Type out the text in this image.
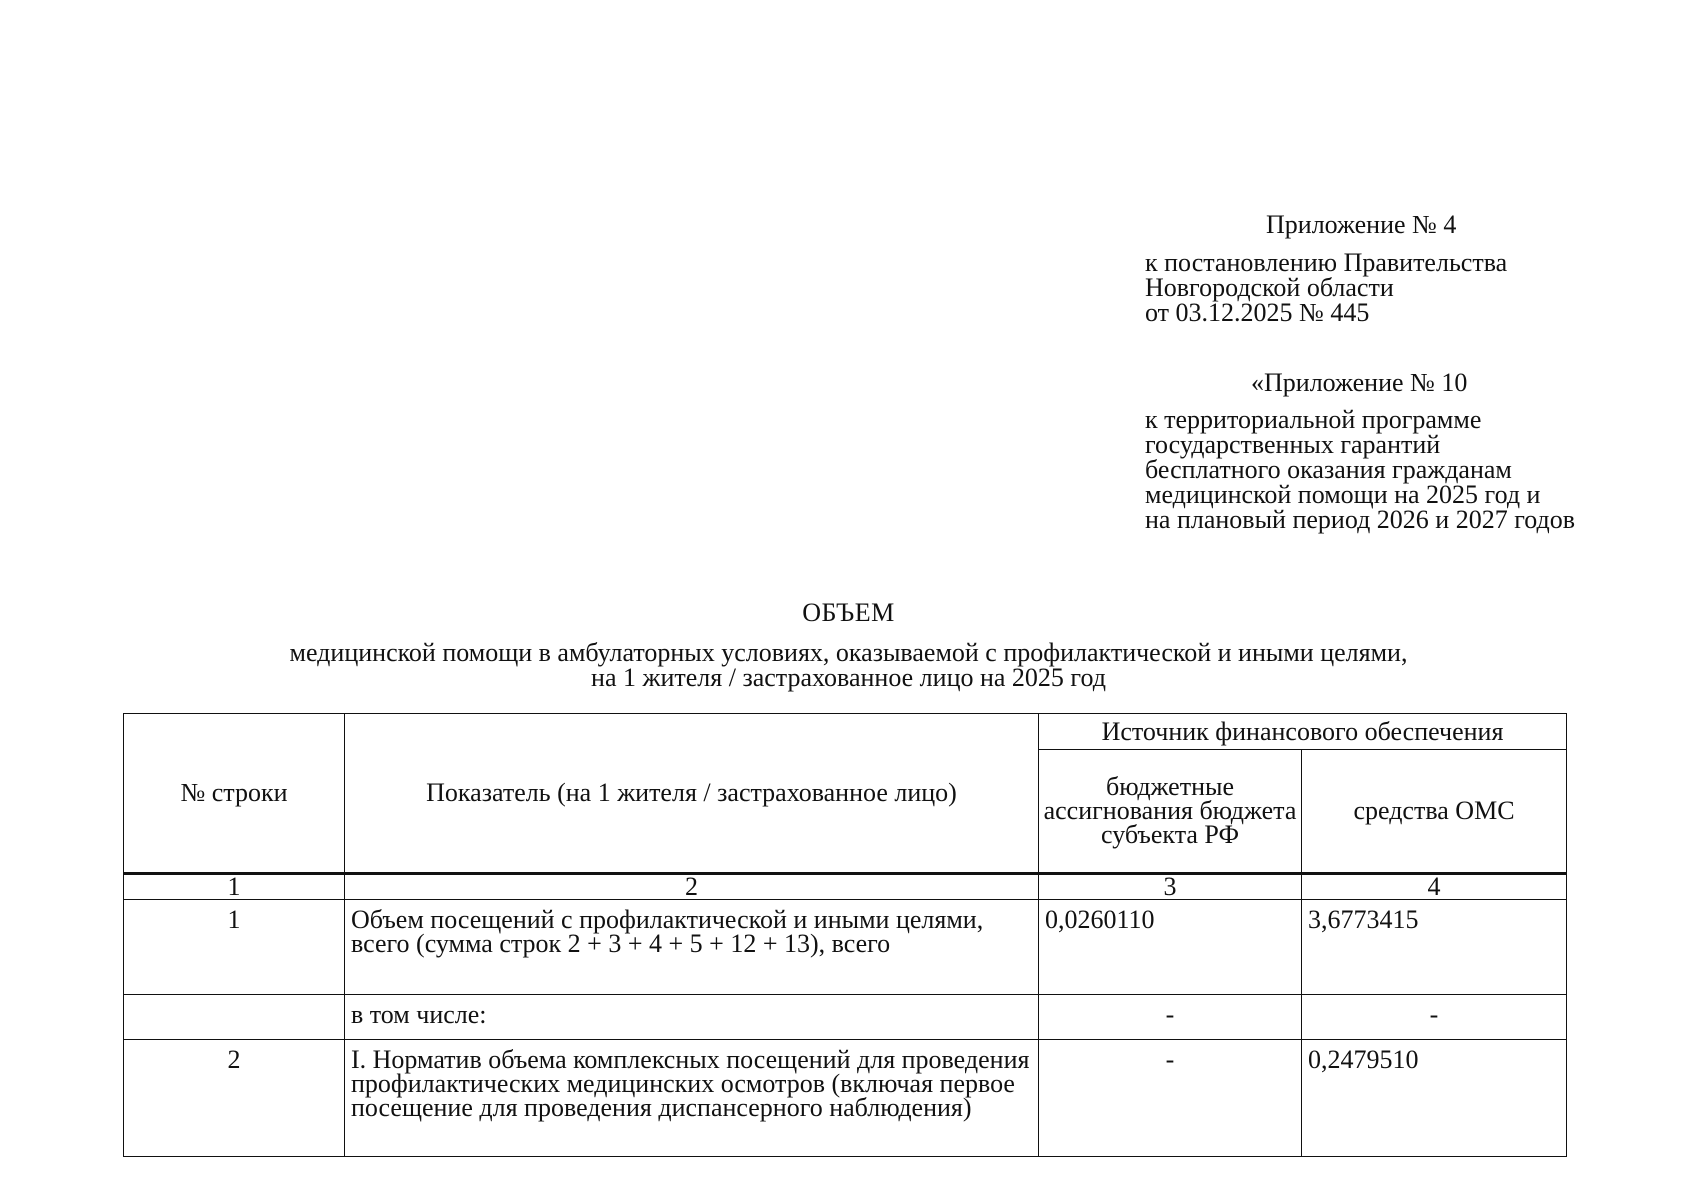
Приложение № 4
к постановлению Правительства
Новгородской области
от 03.12.2025 № 445
«Приложение № 10
к территориальной программе
государственных гарантий
бесплатного оказания гражданам
медицинской помощи на 2025 год и
на плановый период 2026 и 2027 годов
ОБЪЕМ
медицинской помощи в амбулаторных условиях, оказываемой с профилактической и иными целями,
на 1 жителя / застрахованное лицо на 2025 год
№ строки	Показатель (на 1 жителя / застрахованное лицо)	Источник финансового обеспечения	
		бюджетные ассигнования бюджета субъекта РФ	средства ОМС
1	2	3	4
1	Объем посещений с профилактической и иными целями, всего (сумма строк 2 + 3 + 4 + 5 + 12 + 13), всего	0,0260110	3,6773415
	в том числе:	-	-
2	I. Норматив объема комплексных посещений для проведения профилактических медицинских осмотров (включая первое посещение для проведения диспансерного наблюдения)	-	0,2479510
